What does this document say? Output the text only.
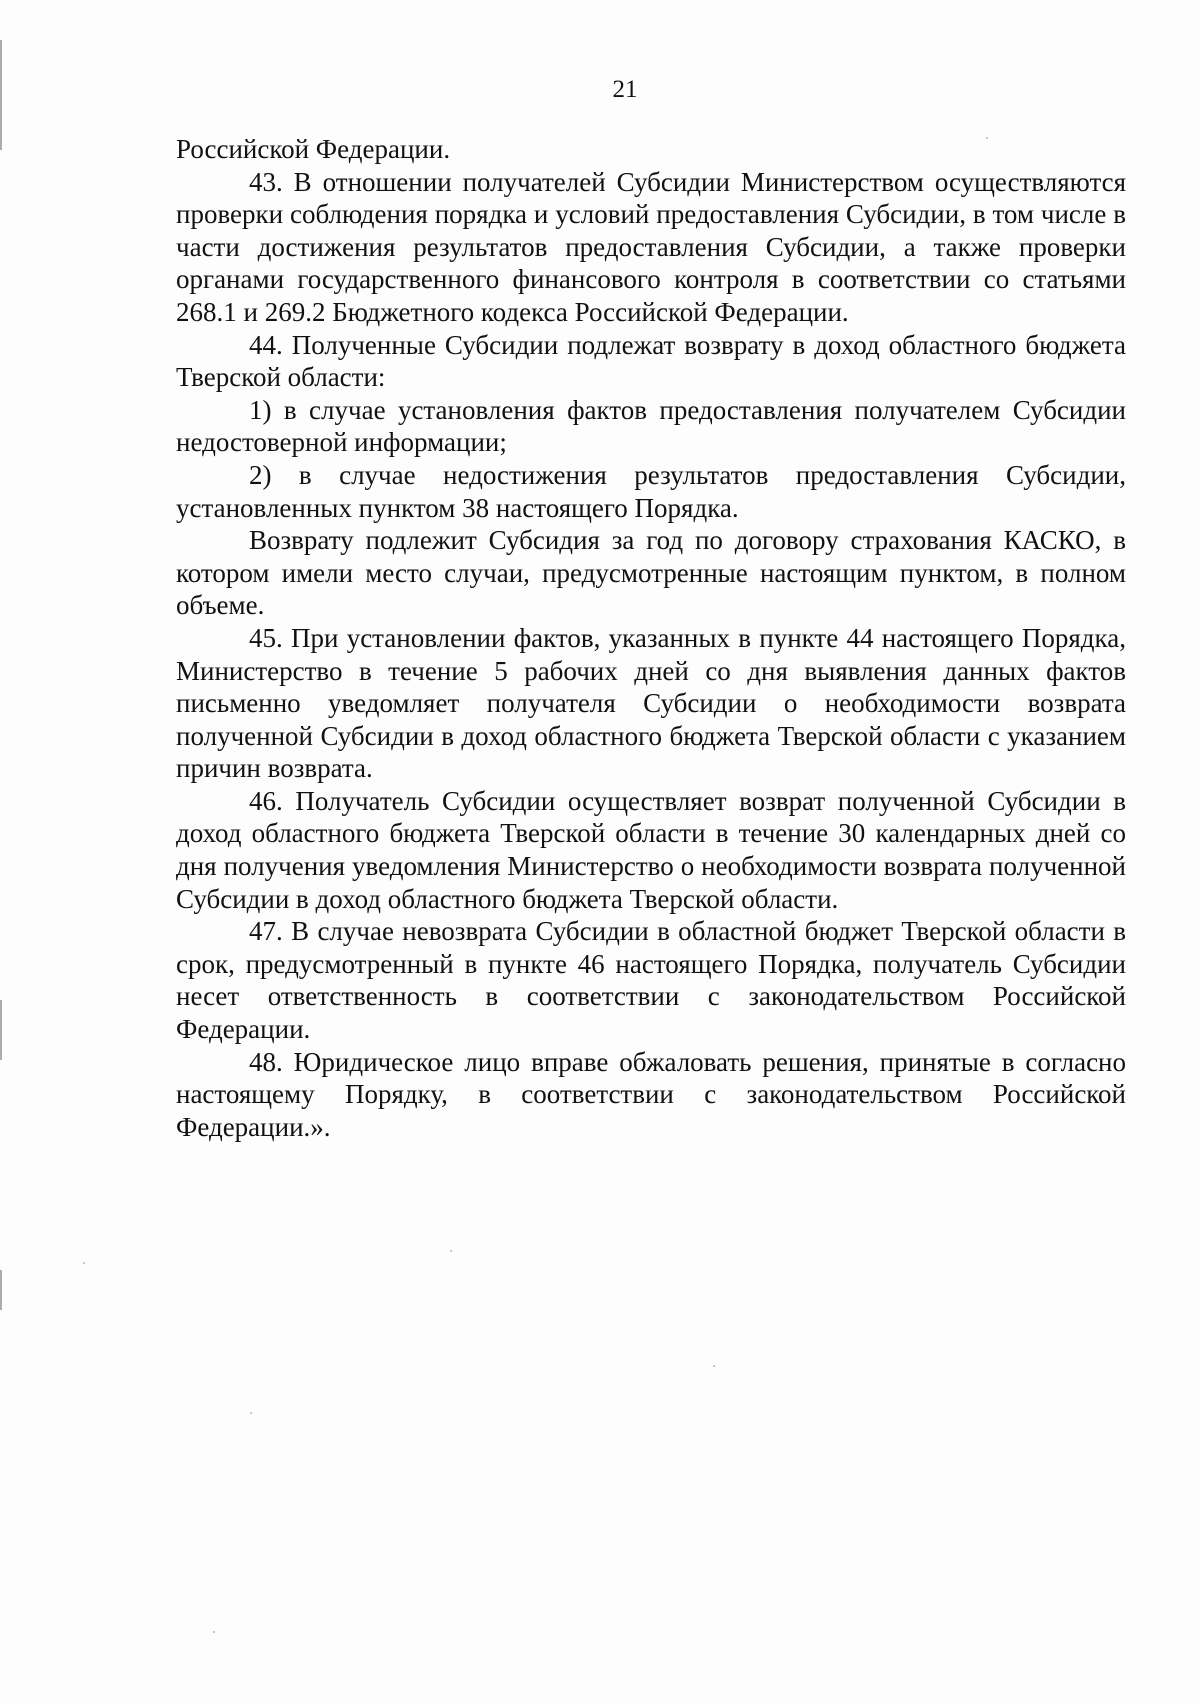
21

Российской Федерации.

43. В отношении получателей Субсидии Министерством осуществляются проверки соблюдения порядка и условий предоставления Субсидии, в том числе в части достижения результатов предоставления Субсидии, а также проверки органами государственного финансового контроля в соответствии со статьями 268.1 и 269.2 Бюджетного кодекса Российской Федерации.

44. Полученные Субсидии подлежат возврату в доход областного бюджета Тверской области:

1) в случае установления фактов предоставления получателем Субсидии недостоверной информации;

2) в случае недостижения результатов предоставления Субсидии, установленных пунктом 38 настоящего Порядка.

Возврату подлежит Субсидия за год по договору страхования КАСКО, в котором имели место случаи, предусмотренные настоящим пунктом, в полном объеме.

45. При установлении фактов, указанных в пункте 44 настоящего Порядка, Министерство в течение 5 рабочих дней со дня выявления данных фактов письменно уведомляет получателя Субсидии о необходимости возврата полученной Субсидии в доход областного бюджета Тверской области с указанием причин возврата.

46. Получатель Субсидии осуществляет возврат полученной Субсидии в доход областного бюджета Тверской области в течение 30 календарных дней со дня получения уведомления Министерство о необходимости возврата полученной Субсидии в доход областного бюджета Тверской области.

47. В случае невозврата Субсидии в областной бюджет Тверской области в срок, предусмотренный в пункте 46 настоящего Порядка, получатель Субсидии несет ответственность в соответствии с законодательством Российской Федерации.

48. Юридическое лицо вправе обжаловать решения, принятые в согласно настоящему Порядку, в соответствии с законодательством Российской Федерации.».
